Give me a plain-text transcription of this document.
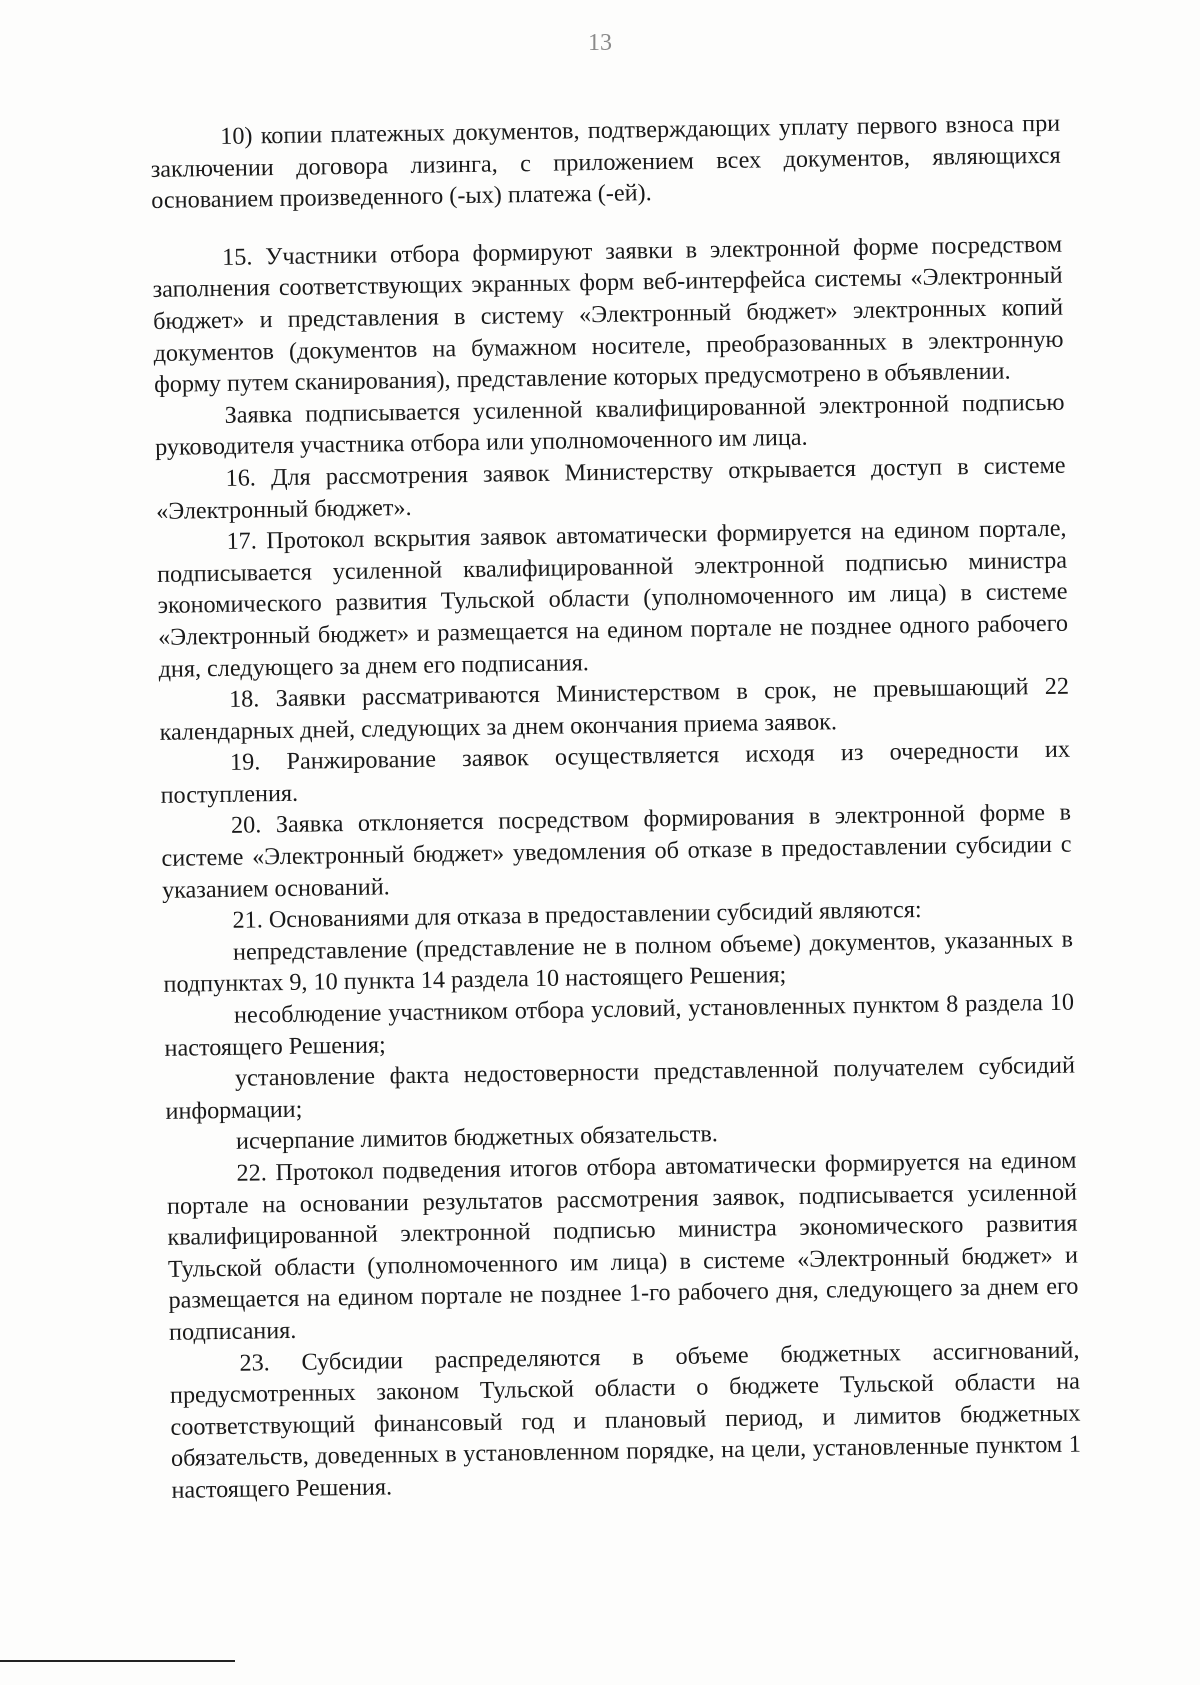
13

10) копии платежных документов, подтверждающих уплату первого взноса при заключении договора лизинга, с приложением всех документов, являющихся основанием произведенного (-ых) платежа (-ей).

15. Участники отбора формируют заявки в электронной форме посредством заполнения соответствующих экранных форм веб-интерфейса системы «Электронный бюджет» и представления в систему «Электронный бюджет» электронных копий документов (документов на бумажном носителе, преобразованных в электронную форму путем сканирования), представление которых предусмотрено в объявлении.

Заявка подписывается усиленной квалифицированной электронной подписью руководителя участника отбора или уполномоченного им лица.

16. Для рассмотрения заявок Министерству открывается доступ в системе «Электронный бюджет».

17. Протокол вскрытия заявок автоматически формируется на едином портале, подписывается усиленной квалифицированной электронной подписью министра экономического развития Тульской области (уполномоченного им лица) в системе «Электронный бюджет» и размещается на едином портале не позднее одного рабочего дня, следующего за днем его подписания.

18. Заявки рассматриваются Министерством в срок, не превышающий 22 календарных дней, следующих за днем окончания приема заявок.

19. Ранжирование заявок осуществляется исходя из очередности их поступления.

20. Заявка отклоняется посредством формирования в электронной форме в системе «Электронный бюджет» уведомления об отказе в предоставлении субсидии с указанием оснований.

21. Основаниями для отказа в предоставлении субсидий являются:

непредставление (представление не в полном объеме) документов, указанных в подпунктах 9, 10 пункта 14 раздела 10 настоящего Решения;

несоблюдение участником отбора условий, установленных пунктом 8 раздела 10 настоящего Решения;

установление факта недостоверности представленной получателем субсидий информации;

исчерпание лимитов бюджетных обязательств.

22. Протокол подведения итогов отбора автоматически формируется на едином портале на основании результатов рассмотрения заявок, подписывается усиленной квалифицированной электронной подписью министра экономического развития Тульской области (уполномоченного им лица) в системе «Электронный бюджет» и размещается на едином портале не позднее 1-го рабочего дня, следующего за днем его подписания.

23. Субсидии распределяются в объеме бюджетных ассигнований, предусмотренных законом Тульской области о бюджете Тульской области на соответствующий финансовый год и плановый период, и лимитов бюджетных обязательств, доведенных в установленном порядке, на цели, установленные пунктом 1 настоящего Решения.
